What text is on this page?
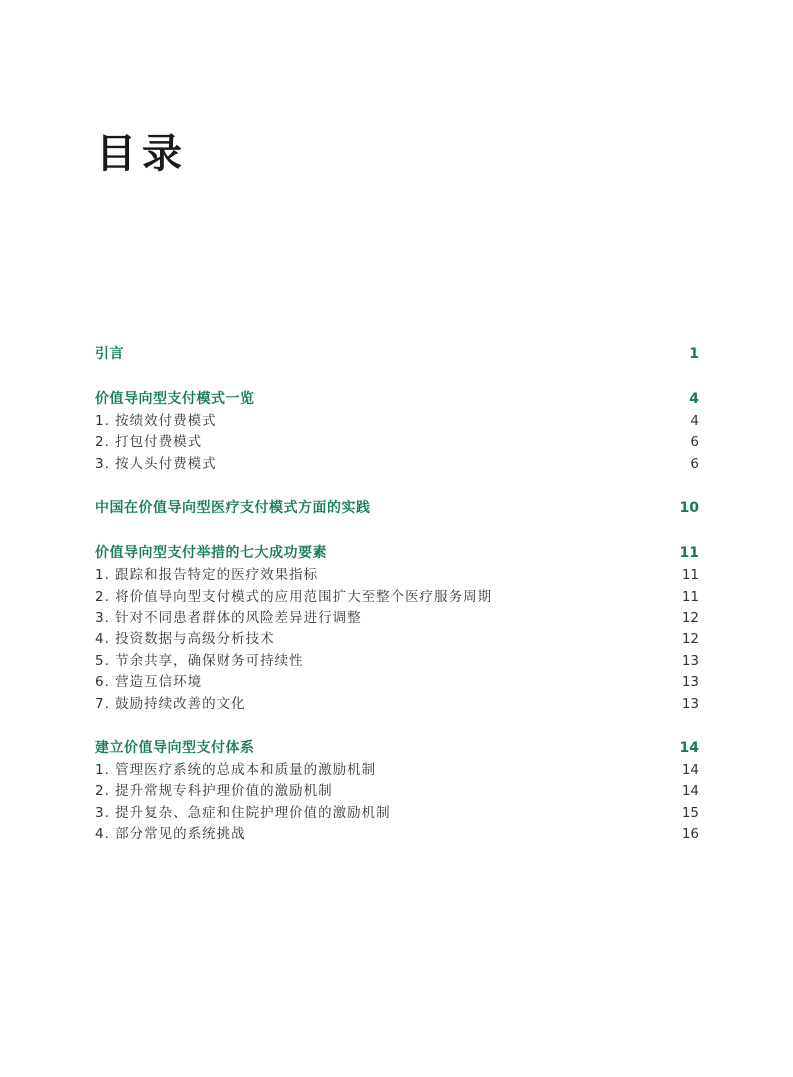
目录
引言	1
价值导向型支付模式一览	4
1. 按绩效付费模式	4
2. 打包付费模式	6
3. 按人头付费模式	6
中国在价值导向型医疗支付模式方面的实践	10
价值导向型支付举措的七大成功要素	11
1. 跟踪和报告特定的医疗效果指标	11
2. 将价值导向型支付模式的应用范围扩大至整个医疗服务周期	11
3. 针对不同患者群体的风险差异进行调整	12
4. 投资数据与高级分析技术	12
5. 节余共享，确保财务可持续性	13
6. 营造互信环境	13
7. 鼓励持续改善的文化	13
建立价值导向型支付体系	14
1. 管理医疗系统的总成本和质量的激励机制	14
2. 提升常规专科护理价值的激励机制	14
3. 提升复杂、急症和住院护理价值的激励机制	15
4. 部分常见的系统挑战	16
